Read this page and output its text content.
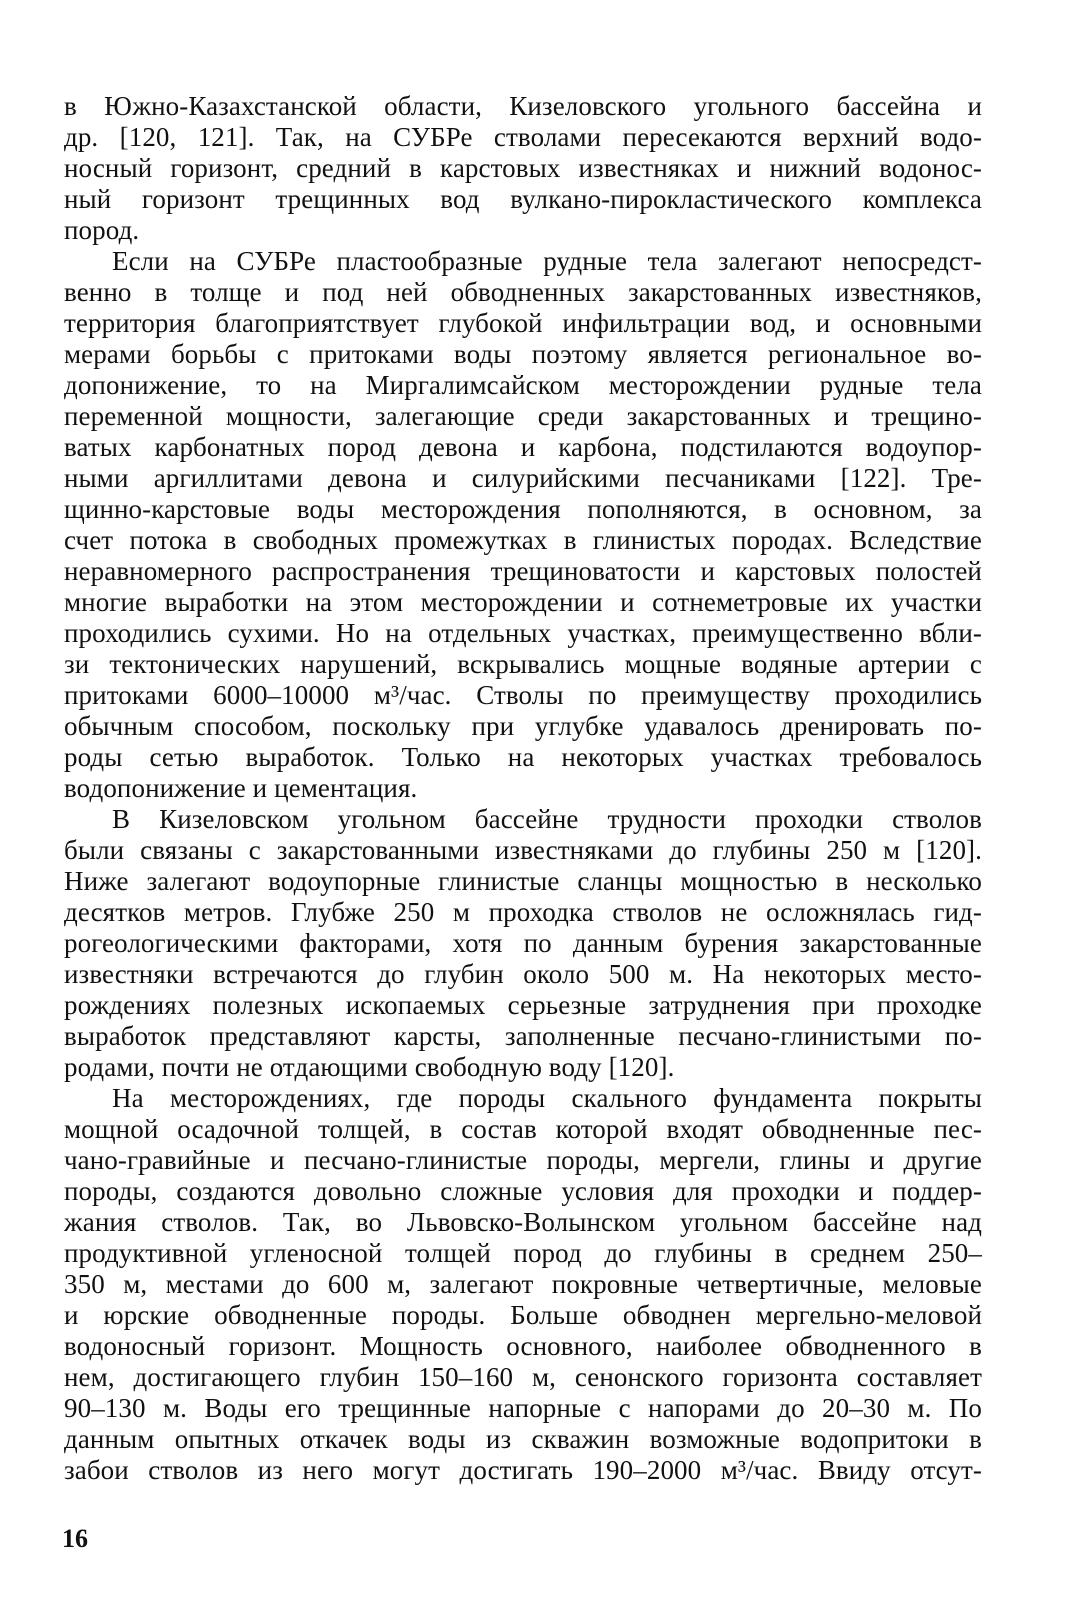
в Южно-Казахстанской области, Кизеловского угольного бассейна и
др. [120, 121]. Так, на СУБРе стволами пересекаются верхний водо-
носный горизонт, средний в карстовых известняках и нижний водонос-
ный горизонт трещинных вод вулкано-пирокластического комплекса
пород.
Если на СУБРе пластообразные рудные тела залегают непосредст-
венно в толще и под ней обводненных закарстованных известняков,
территория благоприятствует глубокой инфильтрации вод, и основными
мерами борьбы с притоками воды поэтому является региональное во-
допонижение, то на Миргалимсайском месторождении рудные тела
переменной мощности, залегающие среди закарстованных и трещино-
ватых карбонатных пород девона и карбона, подстилаются водоупор-
ными аргиллитами девона и силурийскими песчаниками [122]. Тре-
щинно-карстовые воды месторождения пополняются, в основном, за
счет потока в свободных промежутках в глинистых породах. Вследствие
неравномерного распространения трещиноватости и карстовых полостей
многие выработки на этом месторождении и сотнеметровые их участки
проходились сухими. Но на отдельных участках, преимущественно вбли-
зи тектонических нарушений, вскрывались мощные водяные артерии с
притоками 6000–10000 м³/час. Стволы по преимуществу проходились
обычным способом, поскольку при углубке удавалось дренировать по-
роды сетью выработок. Только на некоторых участках требовалось
водопонижение и цементация.
В Кизеловском угольном бассейне трудности проходки стволов
были связаны с закарстованными известняками до глубины 250 м [120].
Ниже залегают водоупорные глинистые сланцы мощностью в несколько
десятков метров. Глубже 250 м проходка стволов не осложнялась гид-
рогеологическими факторами, хотя по данным бурения закарстованные
известняки встречаются до глубин около 500 м. На некоторых место-
рождениях полезных ископаемых серьезные затруднения при проходке
выработок представляют карсты, заполненные песчано-глинистыми по-
родами, почти не отдающими свободную воду [120].
На месторождениях, где породы скального фундамента покрыты
мощной осадочной толщей, в состав которой входят обводненные пес-
чано-гравийные и песчано-глинистые породы, мергели, глины и другие
породы, создаются довольно сложные условия для проходки и поддер-
жания стволов. Так, во Львовско-Волынском угольном бассейне над
продуктивной угленосной толщей пород до глубины в среднем 250–
350 м, местами до 600 м, залегают покровные четвертичные, меловые
и юрские обводненные породы. Больше обводнен мергельно-меловой
водоносный горизонт. Мощность основного, наиболее обводненного в
нем, достигающего глубин 150–160 м, сенонского горизонта составляет
90–130 м. Воды его трещинные напорные с напорами до 20–30 м. По
данным опытных откачек воды из скважин возможные водопритоки в
забои стволов из него могут достигать 190–2000 м³/час. Ввиду отсут-
16
